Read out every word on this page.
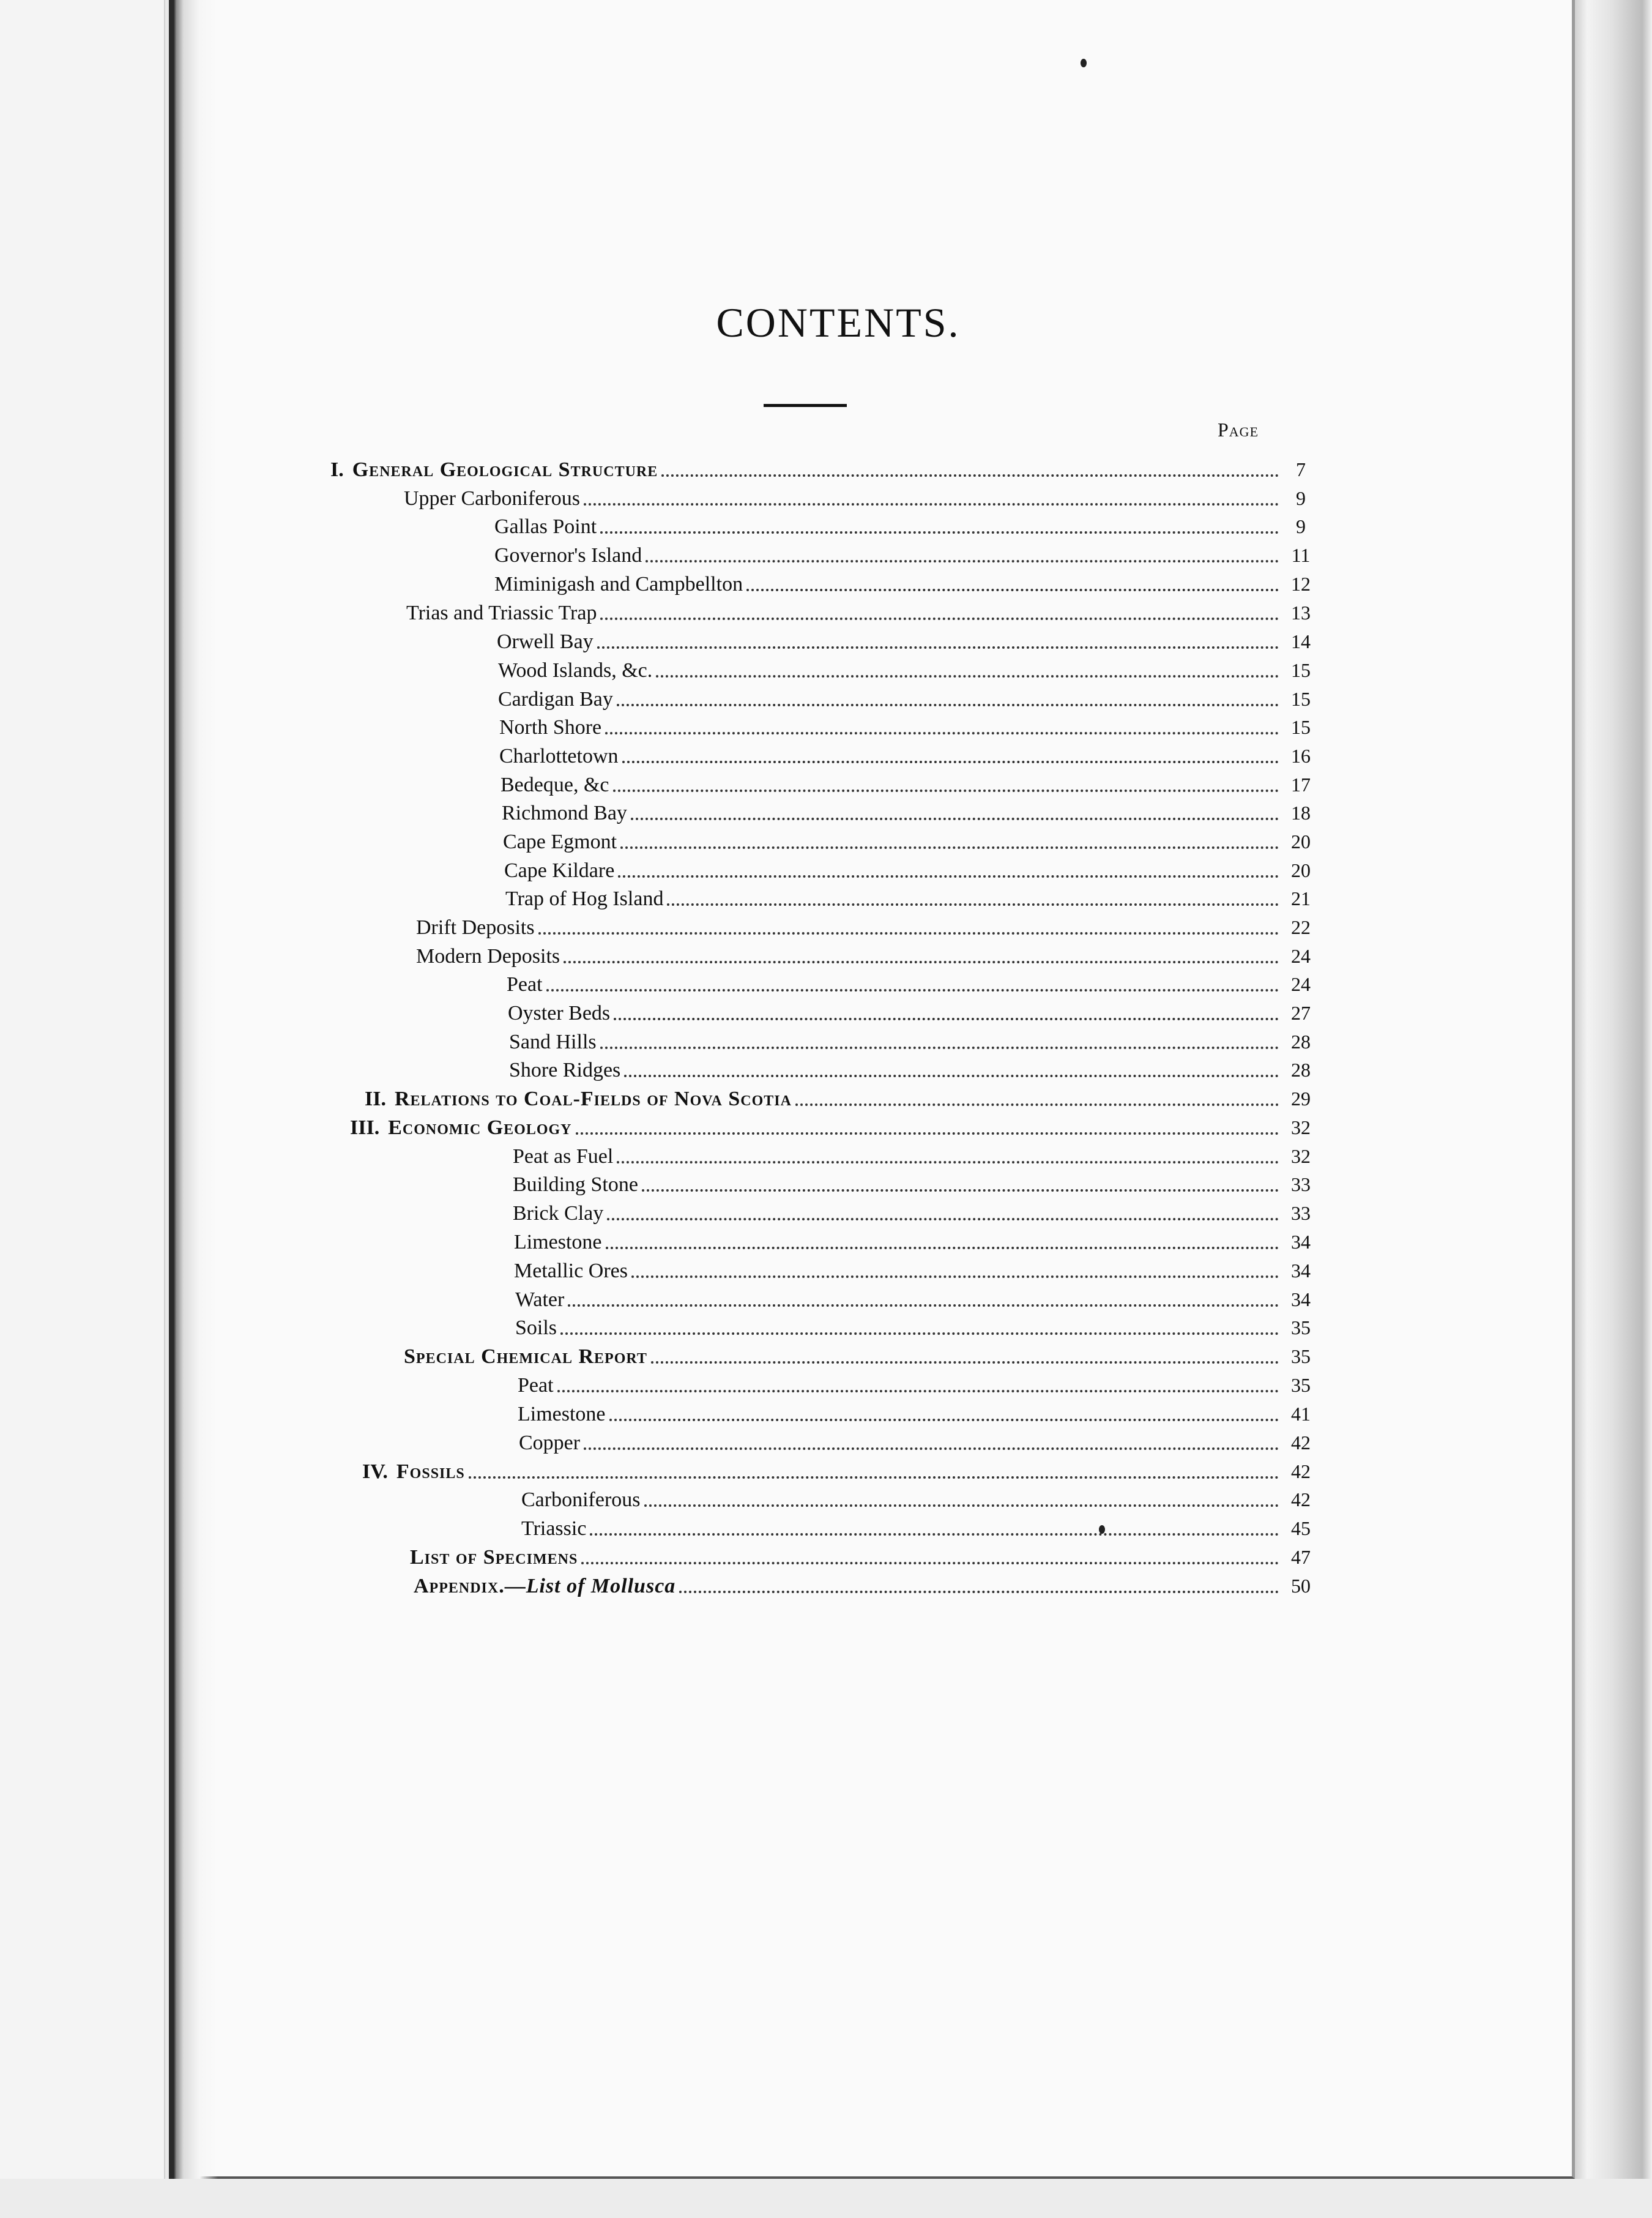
CONTENTS.
Page
I. General Geological Structure	7
Upper Carboniferous	9
Gallas Point	9
Governor's Island	11
Miminigash and Campbellton	12
Trias and Triassic Trap	13
Orwell Bay	14
Wood Islands, &c.	15
Cardigan Bay	15
North Shore	15
Charlottetown	16
Bedeque, &c	17
Richmond Bay	18
Cape Egmont	20
Cape Kildare	20
Trap of Hog Island	21
Drift Deposits	22
Modern Deposits	24
Peat	24
Oyster Beds	27
Sand Hills	28
Shore Ridges	28
II. Relations to Coal-Fields of Nova Scotia	29
III. Economic Geology	32
Peat as Fuel	32
Building Stone	33
Brick Clay	33
Limestone	34
Metallic Ores	34
Water	34
Soils	35
Special Chemical Report	35
Peat	35
Limestone	41
Copper	42
IV. Fossils	42
Carboniferous	42
Triassic	45
List of Specimens	47
Appendix.—List of Mollusca	50
